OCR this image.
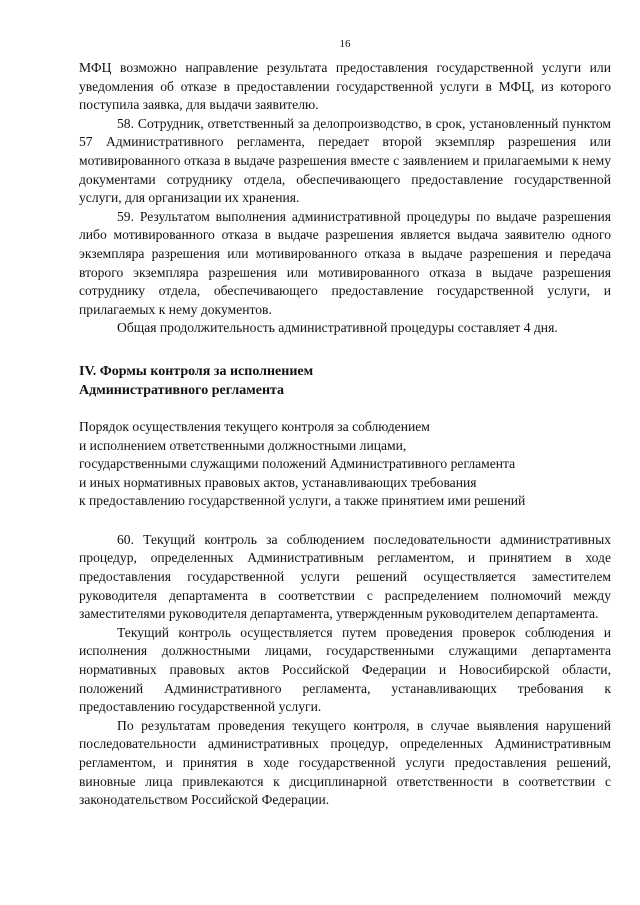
16

МФЦ возможно направление результата предоставления государственной услуги или уведомления об отказе в предоставлении государственной услуги в МФЦ, из которого поступила заявка, для выдачи заявителю.

58. Сотрудник, ответственный за делопроизводство, в срок, установленный пунктом 57 Административного регламента, передает второй экземпляр разрешения или мотивированного отказа в выдаче разрешения вместе с заявлением и прилагаемыми к нему документами сотруднику отдела, обеспечивающего предоставление государственной услуги, для организации их хранения.

59. Результатом выполнения административной процедуры по выдаче разрешения либо мотивированного отказа в выдаче разрешения является выдача заявителю одного экземпляра разрешения или мотивированного отказа в выдаче разрешения и передача второго экземпляра разрешения или мотивированного отказа в выдаче разрешения сотруднику отдела, обеспечивающего предоставление государственной услуги, и прилагаемых к нему документов.

Общая продолжительность административной процедуры составляет 4 дня.

IV. Формы контроля за исполнением

Административного регламента

Порядок осуществления текущего контроля за соблюдением

и исполнением ответственными должностными лицами,

государственными служащими положений Административного регламента

и иных нормативных правовых актов, устанавливающих требования

к предоставлению государственной услуги, а также принятием ими решений

60. Текущий контроль за соблюдением последовательности административных процедур, определенных Административным регламентом, и принятием в ходе предоставления государственной услуги решений осуществляется заместителем руководителя департамента в соответствии с распределением полномочий между заместителями руководителя департамента, утвержденным руководителем департамента.

Текущий контроль осуществляется путем проведения проверок соблюдения и исполнения должностными лицами, государственными служащими департамента нормативных правовых актов Российской Федерации и Новосибирской области, положений Административного регламента, устанавливающих требования к предоставлению государственной услуги.

По результатам проведения текущего контроля, в случае выявления нарушений последовательности административных процедур, определенных Административным регламентом, и принятия в ходе государственной услуги предоставления решений, виновные лица привлекаются к дисциплинарной ответственности в соответствии с законодательством Российской Федерации.
